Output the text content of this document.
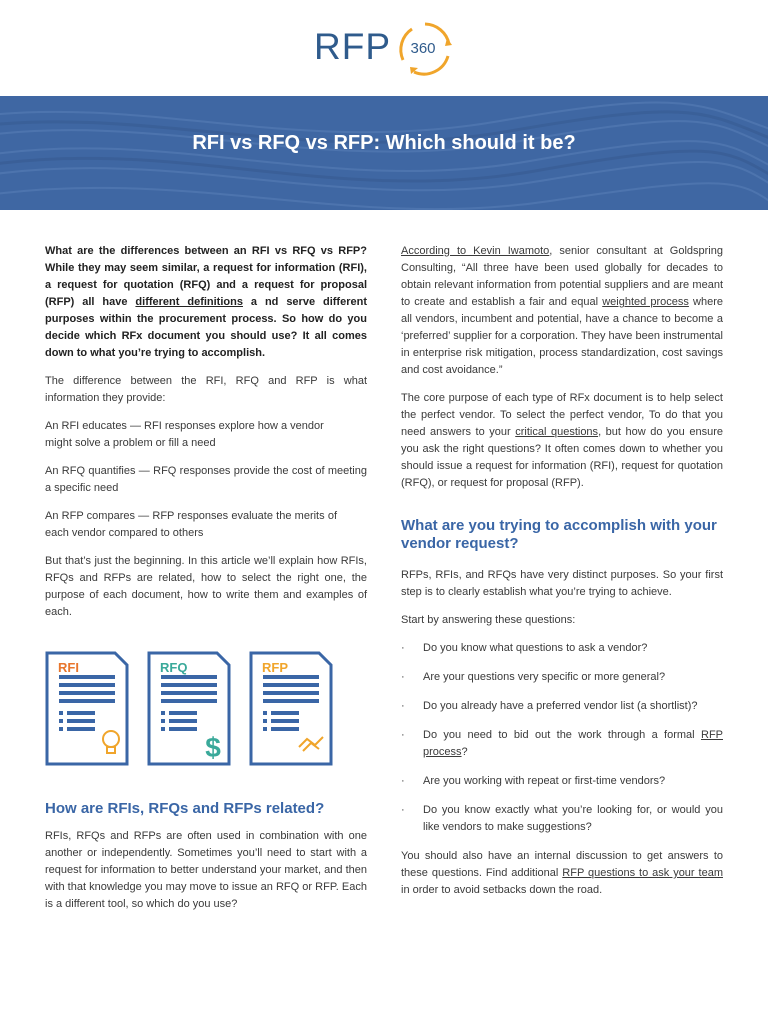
RFP 360
RFI vs RFQ vs RFP: Which should it be?

What are the differences between an RFI vs RFQ vs RFP? While they may seem similar, a request for information (RFI), a request for quotation (RFQ) and a request for proposal (RFP) all have different definitions a nd serve different purposes within the procurement process. So how do you decide which RFx document you should use? It all comes down to what you’re trying to accomplish.

The difference between the RFI, RFQ and RFP is what information they provide:

An RFI educates — RFI responses explore how a vendor might solve a problem or fill a need

An RFQ quantifies — RFQ responses provide the cost of meeting a specific need

An RFP compares — RFP responses evaluate the merits of each vendor compared to others

But that’s just the beginning. In this article we’ll explain how RFIs, RFQs and RFPs are related, how to select the right one, the purpose of each document, how to write them and examples of each.

RFI
$
RFQ	RFP
How are RFIs, RFQs and RFPs related?

RFIs, RFQs and RFPs are often used in combination with one another or independently. Sometimes you’ll need to start with a request for information to better understand your market, and then with that knowledge you may move to issue an RFQ or RFP. Each is a different tool, so which do you use?

According to Kevin Iwamoto, senior consultant at Goldspring Consulting, “All three have been used globally for decades to obtain relevant information from potential suppliers and are meant to create and establish a fair and equal weighted process where all vendors, incumbent and potential, have a chance to become a ‘preferred’ supplier for a corporation. They have been instrumental in enterprise risk mitigation, process standardization, cost savings and cost avoidance.”

The core purpose of each type of RFx document is to help select the perfect vendor. To select the perfect vendor, To do that you need answers to your critical questions, but how do you ensure you ask the right questions? It often comes down to whether you should issue a request for information (RFI), request for quotation (RFQ), or request for proposal (RFP).

What are you trying to accomplish with your vendor request?

RFPs, RFIs, and RFQs have very distinct purposes. So your first step is to clearly establish what you’re trying to achieve.

Start by answering these questions:

· Do you know what questions to ask a vendor?
· Are your questions very specific or more general?
· Do you already have a preferred vendor list (a shortlist)?
· Do you need to bid out the work through a formal RFP process?
· Are you working with repeat or first-time vendors?
· Do you know exactly what you’re looking for, or would you like vendors to make suggestions?

You should also have an internal discussion to get answers to these questions. Find additional RFP questions to ask your team in order to avoid setbacks down the road.
